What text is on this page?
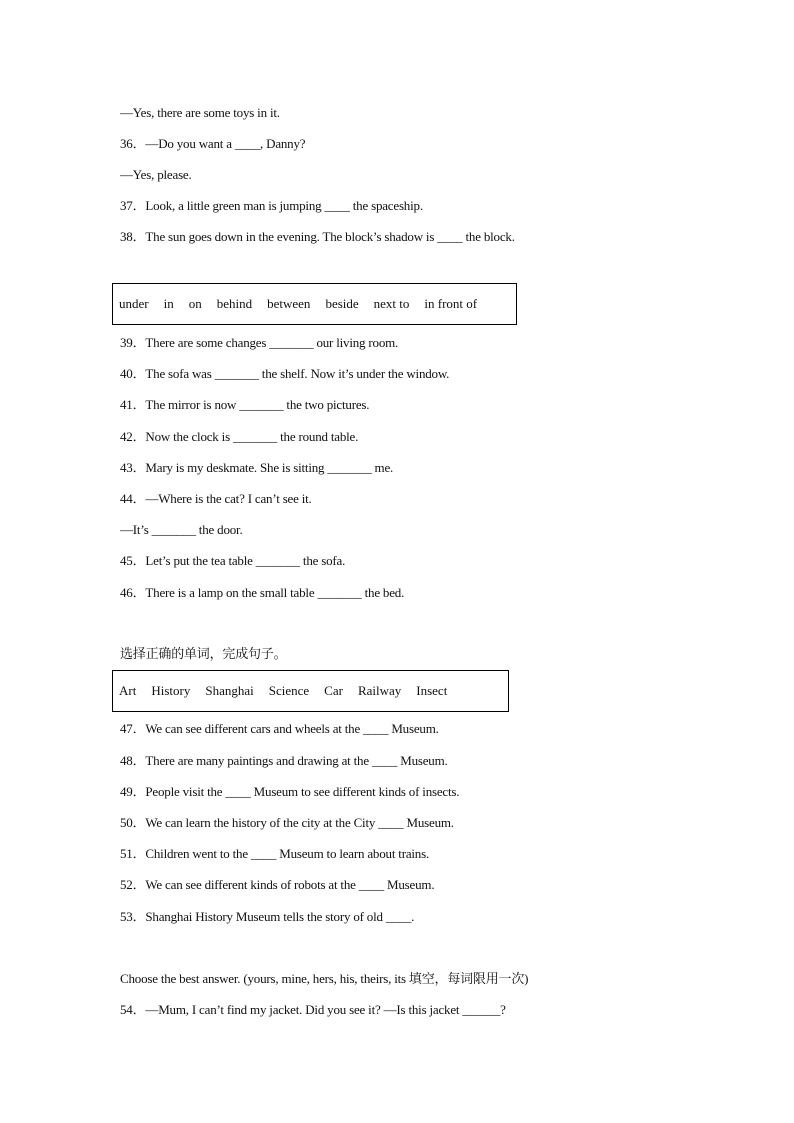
—Yes, there are some toys in it.
36．—Do you want a ____, Danny?
—Yes, please.
37．Look, a little green man is jumping ____ the spaceship.
38．The sun goes down in the evening. The block’s shadow is ____ the block.
under in on behind between beside next to in front of
39．There are some changes _______ our living room.
40．The sofa was _______ the shelf. Now it’s under the window.
41．The mirror is now _______ the two pictures.
42．Now the clock is _______ the round table.
43．Mary is my deskmate. She is sitting _______ me.
44．—Where is the cat? I can’t see it.
—It’s _______ the door.
45．Let’s put the tea table _______ the sofa.
46．There is a lamp on the small table _______ the bed.
选择正确的单词，完成句子。
Art History Shanghai Science Car Railway Insect
47．We can see different cars and wheels at the ____ Museum.
48．There are many paintings and drawing at the ____ Museum.
49．People visit the ____ Museum to see different kinds of insects.
50．We can learn the history of the city at the City ____ Museum.
51．Children went to the ____ Museum to learn about trains.
52．We can see different kinds of robots at the ____ Museum.
53．Shanghai History Museum tells the story of old ____.
Choose the best answer. (yours, mine, hers, his, theirs, its 填空，每词限用一次)
54．—Mum, I can’t find my jacket. Did you see it? —Is this jacket ______?
